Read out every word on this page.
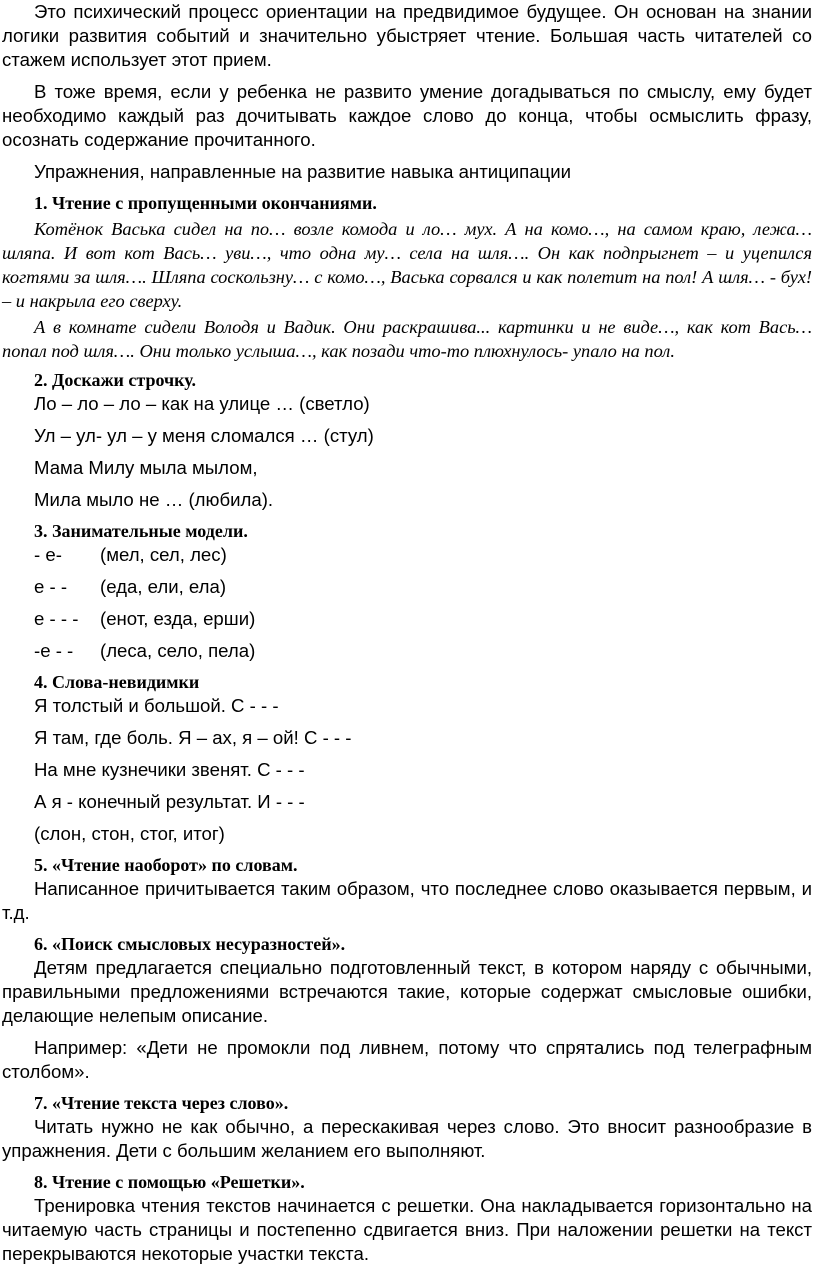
Это психический процесс ориентации на предвидимое будущее. Он основан на знании логики развития событий и значительно убыстряет чтение. Большая часть читателей со стажем использует этот прием.
В тоже время, если у ребенка не развито умение догадываться по смыслу, ему будет необходимо каждый раз дочитывать каждое слово до конца, чтобы осмыслить фразу, осознать содержание прочитанного.
Упражнения, направленные на развитие навыка антиципации
1. Чтение с пропущенными окончаниями.
Котёнок Васька сидел на по… возле комода и ло… мух. А на комо…, на самом краю, лежа… шляпа. И вот кот Вась… уви…, что одна му… села на шля…. Он как подпрыгнет – и уцепился когтями за шля…. Шляпа соскользну… с комо…, Васька сорвался и как полетит на пол! А шля… - бух! – и накрыла его сверху.
А в комнате сидели Володя и Вадик. Они раскрашива... картинки и не виде…, как кот Вась… попал под шля…. Они только услыша…, как позади что-то плюхнулось- упало на пол.
2. Доскажи строчку.
Ло – ло – ло – как на улице … (светло)
Ул – ул- ул – у меня сломался … (стул)
Мама Милу мыла мылом,
Мила мыло не … (любила).
3. Занимательные модели.
- е- (мел, сел, лес)
е - - (еда, ели, ела)
е - - - (енот, езда, ерши)
-е - - (леса, село, пела)
4. Слова-невидимки
Я толстый и большой. С - - -
Я там, где боль. Я – ах, я – ой! С - - -
На мне кузнечики звенят. С - - -
А я - конечный результат. И - - -
(слон, стон, стог, итог)
5. «Чтение наоборот» по словам.
Написанное причитывается таким образом, что последнее слово оказывается первым, и т.д.
6. «Поиск смысловых несуразностей».
Детям предлагается специально подготовленный текст, в котором наряду с обычными, правильными предложениями встречаются такие, которые содержат смысловые ошибки, делающие нелепым описание.
Например: «Дети не промокли под ливнем, потому что спрятались под телеграфным столбом».
7. «Чтение текста через слово».
Читать нужно не как обычно, а перескакивая через слово. Это вносит разнообразие в упражнения. Дети с большим желанием его выполняют.
8. Чтение с помощью «Решетки».
Тренировка чтения текстов начинается с решетки. Она накладывается горизонтально на читаемую часть страницы и постепенно сдвигается вниз. При наложении решетки на текст перекрываются некоторые участки текста.
